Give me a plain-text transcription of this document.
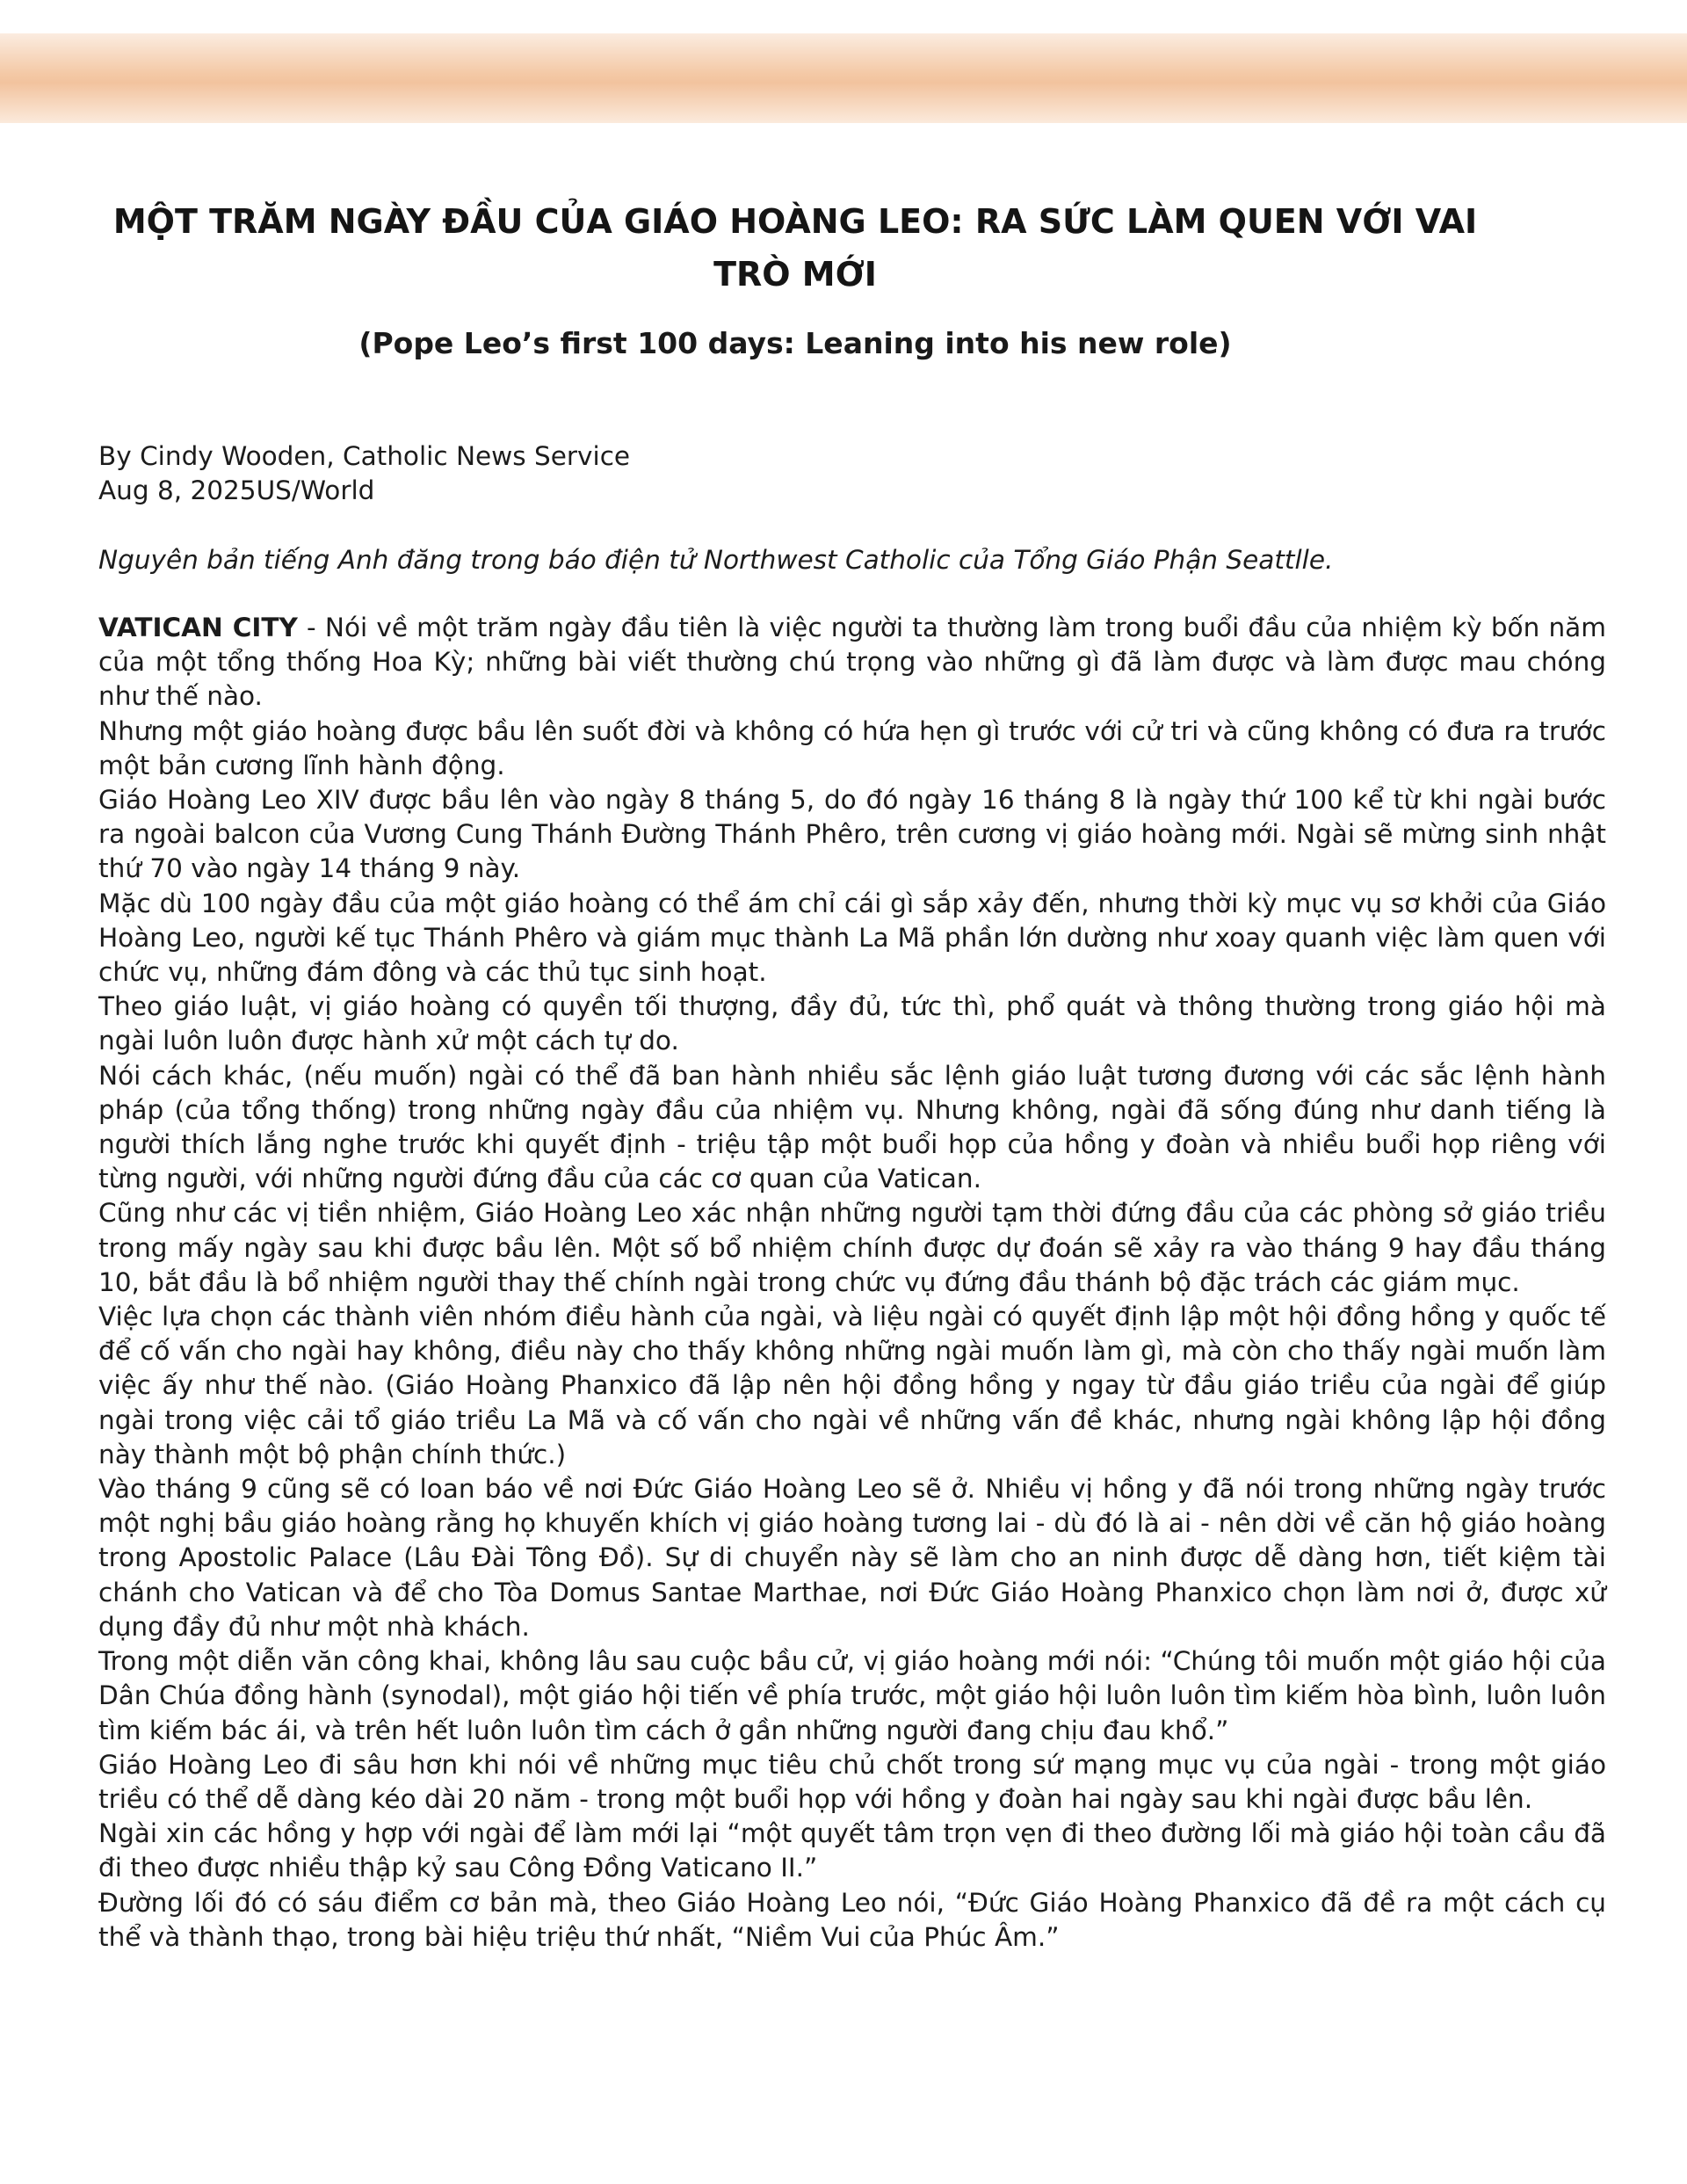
MỘT TRĂM NGÀY ĐẦU CỦA GIÁO HOÀNG LEO: RA SỨC LÀM QUEN VỚI VAI TRÒ MỚI
(Pope Leo’s first 100 days: Leaning into his new role)
By Cindy Wooden, Catholic News Service
Aug 8, 2025US/World
Nguyên bản tiếng Anh đăng trong báo điện tử Northwest Catholic của Tổng Giáo Phận Seattlle.

VATICAN CITY - Nói về một trăm ngày đầu tiên là việc người ta thường làm trong buổi đầu của nhiệm kỳ bốn năm của một tổng thống Hoa Kỳ; những bài viết thường chú trọng vào những gì đã làm được và làm được mau chóng như thế nào.

Nhưng một giáo hoàng được bầu lên suốt đời và không có hứa hẹn gì trước với cử tri và cũng không có đưa ra trước một bản cương lĩnh hành động.

Giáo Hoàng Leo XIV được bầu lên vào ngày 8 tháng 5, do đó ngày 16 tháng 8 là ngày thứ 100 kể từ khi ngài bước ra ngoài balcon của Vương Cung Thánh Đường Thánh Phêro, trên cương vị giáo hoàng mới. Ngài sẽ mừng sinh nhật thứ 70 vào ngày 14 tháng 9 này.

Mặc dù 100 ngày đầu của một giáo hoàng có thể ám chỉ cái gì sắp xảy đến, nhưng thời kỳ mục vụ sơ khởi của Giáo Hoàng Leo, người kế tục Thánh Phêro và giám mục thành La Mã phần lớn dường như xoay quanh việc làm quen với chức vụ, những đám đông và các thủ tục sinh hoạt.

Theo giáo luật, vị giáo hoàng có quyền tối thượng, đầy đủ, tức thì, phổ quát và thông thường trong giáo hội mà ngài luôn luôn được hành xử một cách tự do.

Nói cách khác, (nếu muốn) ngài có thể đã ban hành nhiều sắc lệnh giáo luật tương đương với các sắc lệnh hành pháp (của tổng thống) trong những ngày đầu của nhiệm vụ. Nhưng không, ngài đã sống đúng như danh tiếng là người thích lắng nghe trước khi quyết định - triệu tập một buổi họp của hồng y đoàn và nhiều buổi họp riêng với từng người, với những người đứng đầu của các cơ quan của Vatican.

Cũng như các vị tiền nhiệm, Giáo Hoàng Leo xác nhận những người tạm thời đứng đầu của các phòng sở giáo triều trong mấy ngày sau khi được bầu lên. Một số bổ nhiệm chính được dự đoán sẽ xảy ra vào tháng 9 hay đầu tháng 10, bắt đầu là bổ nhiệm người thay thế chính ngài trong chức vụ đứng đầu thánh bộ đặc trách các giám mục.

Việc lựa chọn các thành viên nhóm điều hành của ngài, và liệu ngài có quyết định lập một hội đồng hồng y quốc tế để cố vấn cho ngài hay không, điều này cho thấy không những ngài muốn làm gì, mà còn cho thấy ngài muốn làm việc ấy như thế nào. (Giáo Hoàng Phanxico đã lập nên hội đồng hồng y ngay từ đầu giáo triều của ngài để giúp ngài trong việc cải tổ giáo triều La Mã và cố vấn cho ngài về những vấn đề khác, nhưng ngài không lập hội đồng này thành một bộ phận chính thức.)

Vào tháng 9 cũng sẽ có loan báo về nơi Đức Giáo Hoàng Leo sẽ ở. Nhiều vị hồng y đã nói trong những ngày trước một nghị bầu giáo hoàng rằng họ khuyến khích vị giáo hoàng tương lai - dù đó là ai - nên dời về căn hộ giáo hoàng trong Apostolic Palace (Lâu Đài Tông Đồ). Sự di chuyển này sẽ làm cho an ninh được dễ dàng hơn, tiết kiệm tài chánh cho Vatican và để cho Tòa Domus Santae Marthae, nơi Đức Giáo Hoàng Phanxico chọn làm nơi ở, được xử dụng đầy đủ như một nhà khách.

Trong một diễn văn công khai, không lâu sau cuộc bầu cử, vị giáo hoàng mới nói: “Chúng tôi muốn một giáo hội của Dân Chúa đồng hành (synodal), một giáo hội tiến về phía trước, một giáo hội luôn luôn tìm kiếm hòa bình, luôn luôn tìm kiếm bác ái, và trên hết luôn luôn tìm cách ở gần những người đang chịu đau khổ.”

Giáo Hoàng Leo đi sâu hơn khi nói về những mục tiêu chủ chốt trong sứ mạng mục vụ của ngài - trong một giáo triều có thể dễ dàng kéo dài 20 năm - trong một buổi họp với hồng y đoàn hai ngày sau khi ngài được bầu lên.

Ngài xin các hồng y hợp với ngài để làm mới lại “một quyết tâm trọn vẹn đi theo đường lối mà giáo hội toàn cầu đã đi theo được nhiều thập kỷ sau Công Đồng Vaticano II.”

Đường lối đó có sáu điểm cơ bản mà, theo Giáo Hoàng Leo nói, “Đức Giáo Hoàng Phanxico đã đề ra một cách cụ thể và thành thạo, trong bài hiệu triệu thứ nhất, “Niềm Vui của Phúc Âm.”
